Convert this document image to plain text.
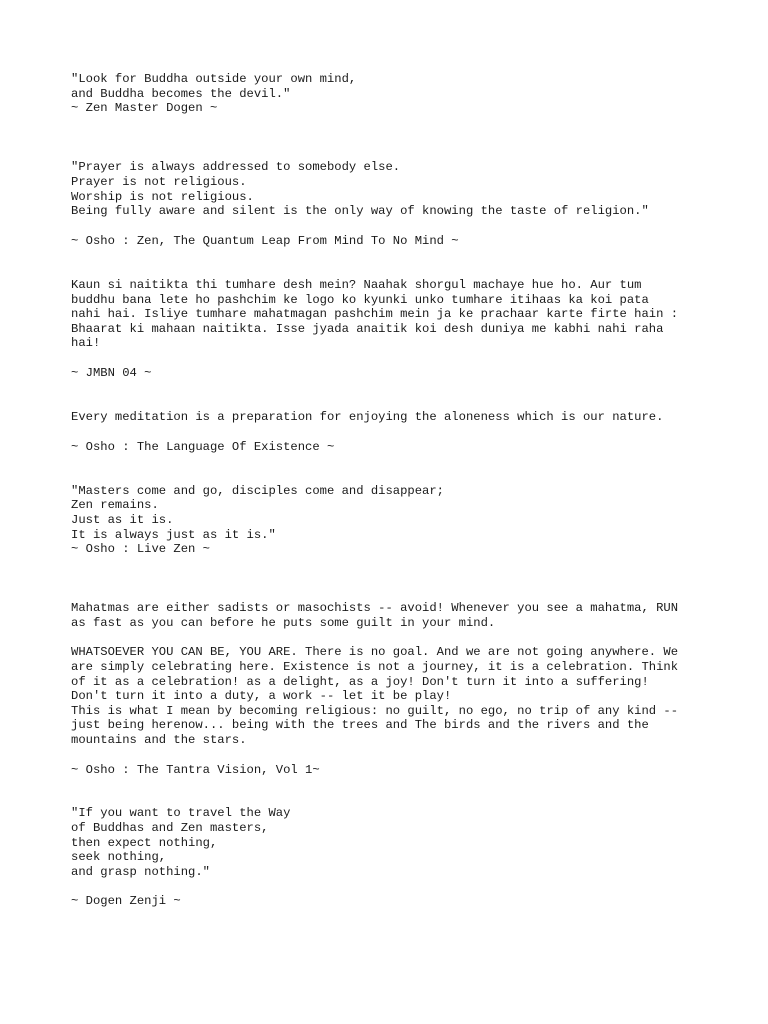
"Look for Buddha outside your own mind,

and Buddha becomes the devil."

~ Zen Master Dogen ~

"Prayer is always addressed to somebody else.

Prayer is not religious.

Worship is not religious.

Being fully aware and silent is the only way of knowing the taste of religion."

~ Osho : Zen, The Quantum Leap From Mind To No Mind ~

Kaun si naitikta thi tumhare desh mein? Naahak shorgul machaye hue ho. Aur tum

buddhu bana lete ho pashchim ke logo ko kyunki unko tumhare itihaas ka koi pata

nahi hai. Isliye tumhare mahatmagan pashchim mein ja ke prachaar karte firte hain :

Bhaarat ki mahaan naitikta. Isse jyada anaitik koi desh duniya me kabhi nahi raha

hai!

~ JMBN 04 ~

Every meditation is a preparation for enjoying the aloneness which is our nature.

~ Osho : The Language Of Existence ~

"Masters come and go, disciples come and disappear;

Zen remains.

Just as it is.

It is always just as it is."

~ Osho : Live Zen ~

Mahatmas are either sadists or masochists -- avoid! Whenever you see a mahatma, RUN

as fast as you can before he puts some guilt in your mind.

WHATSOEVER YOU CAN BE, YOU ARE. There is no goal. And we are not going anywhere. We

are simply celebrating here. Existence is not a journey, it is a celebration. Think

of it as a celebration! as a delight, as a joy! Don't turn it into a suffering!

Don't turn it into a duty, a work -- let it be play!

This is what I mean by becoming religious: no guilt, no ego, no trip of any kind --

just being herenow... being with the trees and The birds and the rivers and the

mountains and the stars.

~ Osho : The Tantra Vision, Vol 1~

"If you want to travel the Way

of Buddhas and Zen masters,

then expect nothing,

seek nothing,

and grasp nothing."

~ Dogen Zenji ~
